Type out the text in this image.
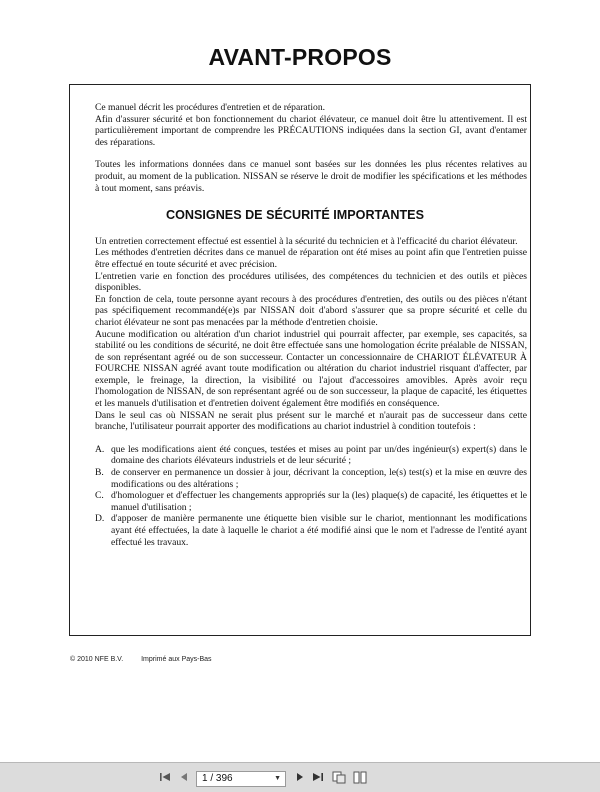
AVANT-PROPOS

Ce manuel décrit les procédures d'entretien et de réparation.

Afin d'assurer sécurité et bon fonctionnement du chariot élévateur, ce manuel doit être lu attentivement. Il est particulièrement important de comprendre les PRÉCAUTIONS indiquées dans la section GI, avant d'entamer des réparations.

Toutes les informations données dans ce manuel sont basées sur les données les plus récentes relatives au produit, au moment de la publication. NISSAN se réserve le droit de modifier les spécifications et les méthodes à tout moment, sans préavis.

CONSIGNES DE SÉCURITÉ IMPORTANTES

Un entretien correctement effectué est essentiel à la sécurité du technicien et à l'efficacité du chariot élévateur.

Les méthodes d'entretien décrites dans ce manuel de réparation ont été mises au point afin que l'entretien puisse être effectué en toute sécurité et avec précision.

L'entretien varie en fonction des procédures utilisées, des compétences du technicien et des outils et pièces disponibles.

En fonction de cela, toute personne ayant recours à des procédures d'entretien, des outils ou des pièces n'étant pas spécifiquement recommandé(e)s par NISSAN doit d'abord s'assurer que sa propre sécurité et celle du chariot élévateur ne sont pas menacées par la méthode d'entretien choisie.

Aucune modification ou altération d'un chariot industriel qui pourrait affecter, par exemple, ses capacités, sa stabilité ou les conditions de sécurité, ne doit être effectuée sans une homologation écrite préalable de NISSAN, de son représentant agréé ou de son successeur. Contacter un concessionnaire de CHARIOT ÉLÉVATEUR À FOURCHE NISSAN agréé avant toute modification ou altération du chariot industriel risquant d'affecter, par exemple, le freinage, la direction, la visibilité ou l'ajout d'accessoires amovibles. Après avoir reçu l'homologation de NISSAN, de son représentant agréé ou de son successeur, la plaque de capacité, les étiquettes et les manuels d'utilisation et d'entretien doivent également être modifiés en conséquence.

Dans le seul cas où NISSAN ne serait plus présent sur le marché et n'aurait pas de successeur dans cette branche, l'utilisateur pourrait apporter des modifications au chariot industriel à condition toutefois :

A. que les modifications aient été conçues, testées et mises au point par un/des ingénieur(s) expert(s) dans le domaine des chariots élévateurs industriels et de leur sécurité ;
B. de conserver en permanence un dossier à jour, décrivant la conception, le(s) test(s) et la mise en œuvre des modifications ou des altérations ;
C. d'homologuer et d'effectuer les changements appropriés sur la (les) plaque(s) de capacité, les étiquettes et le manuel d'utilisation ;
D. d'apposer de manière permanente une étiquette bien visible sur le chariot, mentionnant les modifications ayant été effectuées, la date à laquelle le chariot a été modifié ainsi que le nom et l'adresse de l'entité ayant effectué les travaux.
© 2010 NFE B.V.	Imprimé aux Pays-Bas
1 / 396	▼
